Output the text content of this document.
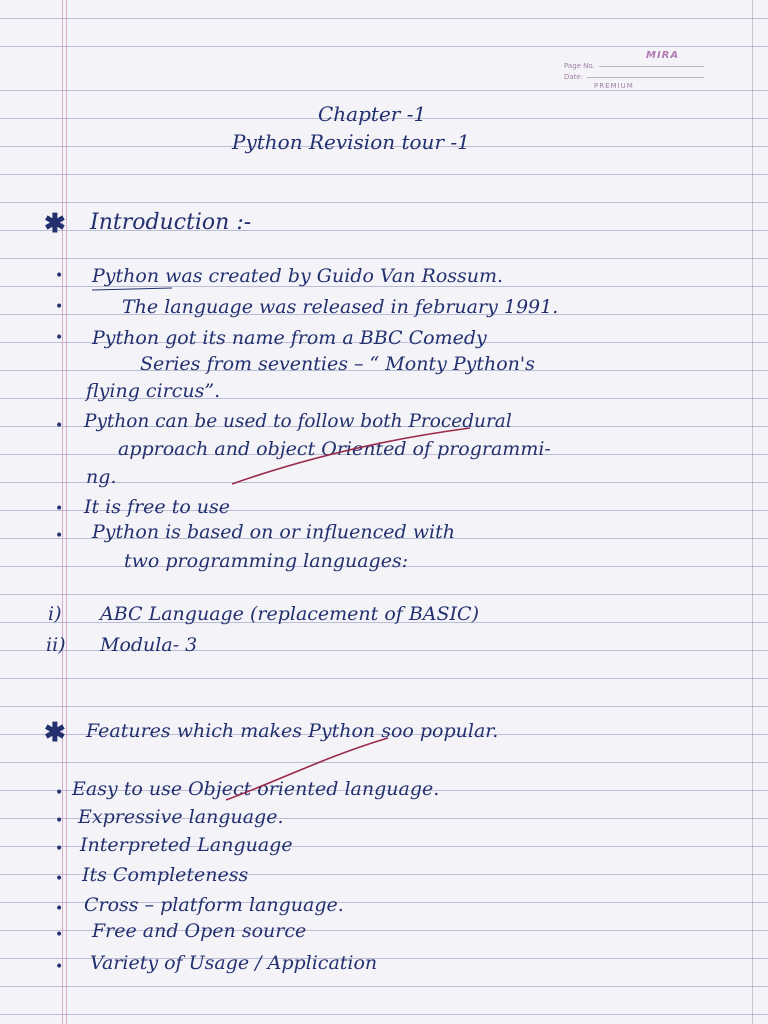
MIRA
Page No.
Date:
PREMIUM
Chapter -1
Python Revision tour -1
✱ Introduction :-
• Python was created by Guido Van Rossum.
•	The language was released in february 1991.
• Python got its name from a BBC Comedy
Series from seventies – “ Monty Python's
flying circus”.
• Python can be used to follow both Procedural
approach and object Oriented of programmi-
ng.
• It is free to use
• Python is based on or influenced with
two programming languages:
i) ABC Language (replacement of BASIC)
ii) Modula- 3
✱ Features which makes Python soo popular.
• Easy to use Object oriented language.
• Expressive language.
• Interpreted Language
• Its Completeness
• Cross – platform language.
• Free and Open source
• Variety of Usage / Application
